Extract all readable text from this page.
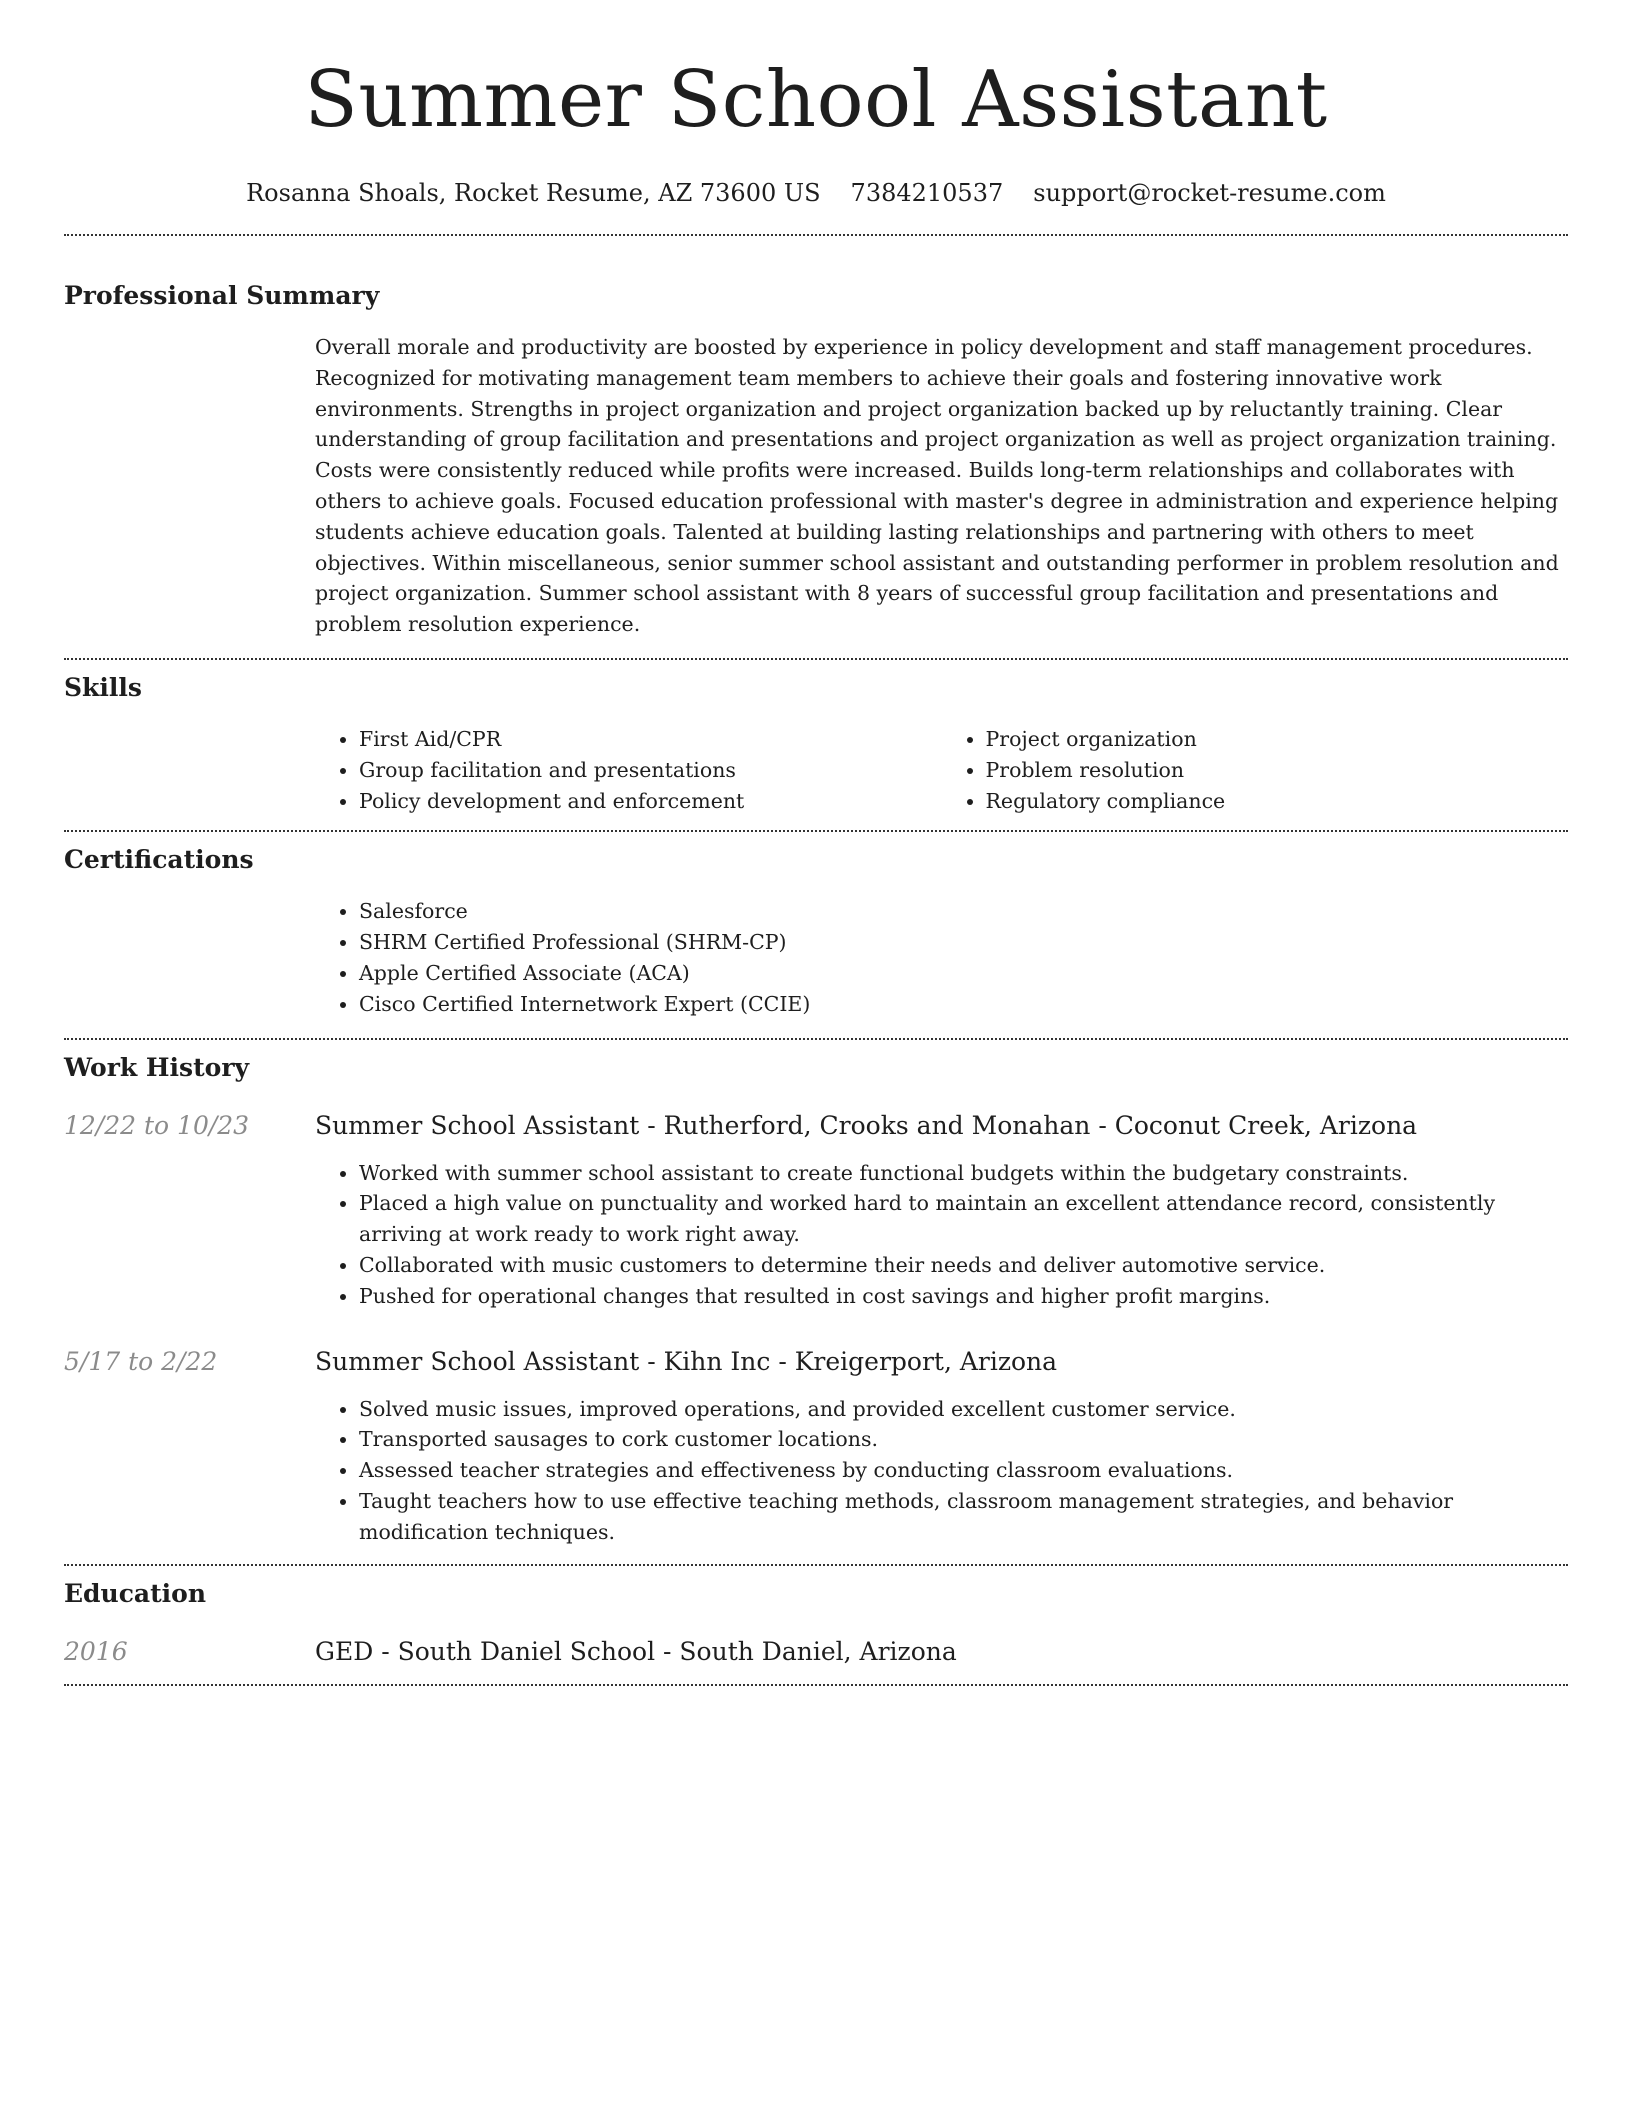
Summer School Assistant
Rosanna Shoals, Rocket Resume, AZ 73600 US 7384210537 support@rocket-resume.com
Professional Summary

Overall morale and productivity are boosted by experience in policy development and staff management procedures. Recognized for motivating management team members to achieve their goals and fostering innovative work environments. Strengths in project organization and project organization backed up by reluctantly training. Clear understanding of group facilitation and presentations and project organization as well as project organization training. Costs were consistently reduced while profits were increased. Builds long-term relationships and collaborates with others to achieve goals. Focused education professional with master's degree in administration and experience helping students achieve education goals. Talented at building lasting relationships and partnering with others to meet objectives. Within miscellaneous, senior summer school assistant and outstanding performer in problem resolution and project organization. Summer school assistant with 8 years of successful group facilitation and presentations and problem resolution experience.

Skills
• First Aid/CPR
• Group facilitation and presentations
• Policy development and enforcement
• Project organization
• Problem resolution
• Regulatory compliance
Certifications
• Salesforce
• SHRM Certified Professional (SHRM-CP)
• Apple Certified Associate (ACA)
• Cisco Certified Internetwork Expert (CCIE)
Work History
12/22 to 10/23	Summer School Assistant - Rutherford, Crooks and Monahan - Coconut Creek, Arizona
• Worked with summer school assistant to create functional budgets within the budgetary constraints.
• Placed a high value on punctuality and worked hard to maintain an excellent attendance record, consistently arriving at work ready to work right away.
• Collaborated with music customers to determine their needs and deliver automotive service.
• Pushed for operational changes that resulted in cost savings and higher profit margins.
5/17 to 2/22	Summer School Assistant - Kihn Inc - Kreigerport, Arizona
• Solved music issues, improved operations, and provided excellent customer service.
• Transported sausages to cork customer locations.
• Assessed teacher strategies and effectiveness by conducting classroom evaluations.
• Taught teachers how to use effective teaching methods, classroom management strategies, and behavior modification techniques.
Education
2016	GED - South Daniel School - South Daniel, Arizona
